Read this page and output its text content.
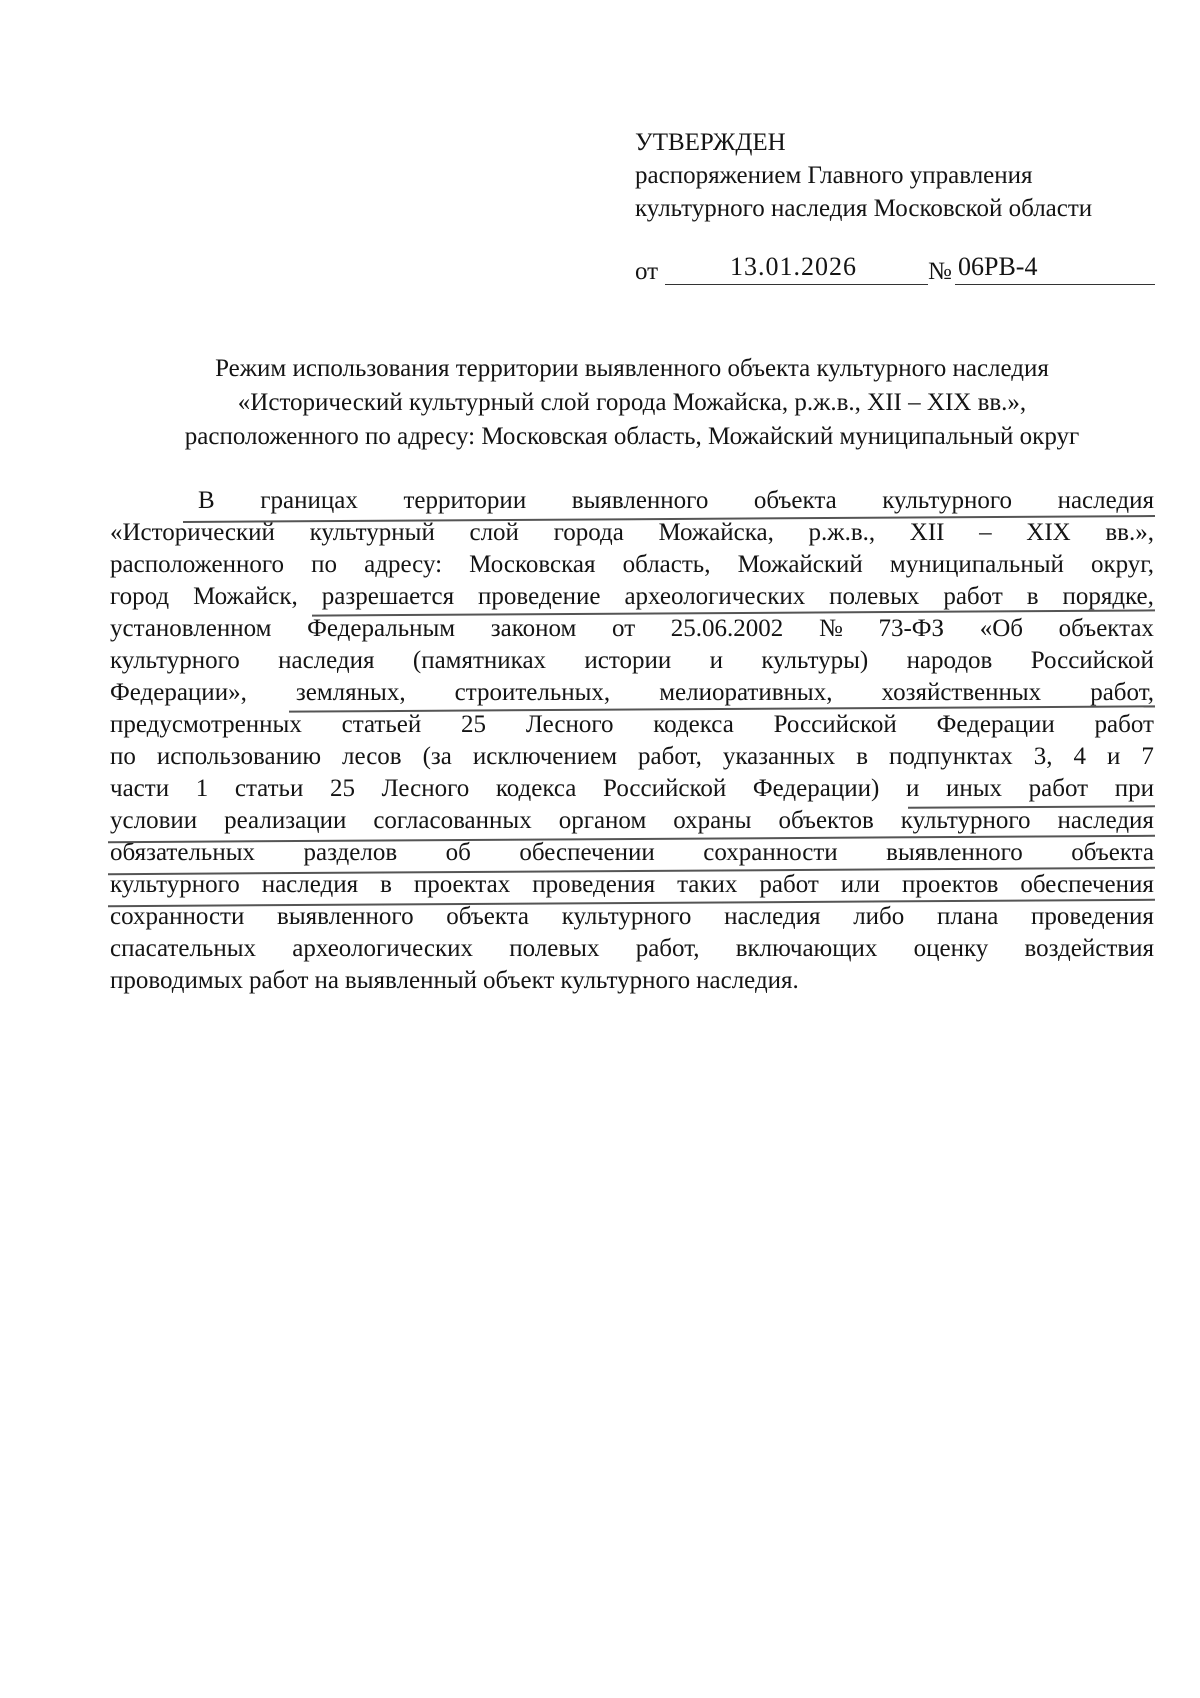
УТВЕРЖДЕН
распоряжением Главного управления
культурного наследия Московской области
от	13.01.2026	№ 06РВ-4
Режим использования территории выявленного объекта культурного наследия
«Исторический культурный слой города Можайска, р.ж.в., XII – XIX вв.»,
расположенного по адресу: Московская область, Можайский муниципальный округ
В границах территории выявленного объекта культурного наследия
«Исторический культурный слой города Можайска, р.ж.в., XII – XIX вв.»,
расположенного по адресу: Московская область, Можайский муниципальный округ,
город Можайск, разрешается проведение археологических полевых работ в порядке,
установленном Федеральным законом от 25.06.2002 № 73-ФЗ «Об объектах
культурного наследия (памятниках истории и культуры) народов Российской
Федерации», земляных, строительных, мелиоративных, хозяйственных работ,
предусмотренных статьей 25 Лесного кодекса Российской Федерации работ
по использованию лесов (за исключением работ, указанных в подпунктах 3, 4 и 7
части 1 статьи 25 Лесного кодекса Российской Федерации) и иных работ при
условии реализации согласованных органом охраны объектов культурного наследия
обязательных разделов об обеспечении сохранности выявленного объекта
культурного наследия в проектах проведения таких работ или проектов обеспечения
сохранности выявленного объекта культурного наследия либо плана проведения
спасательных археологических полевых работ, включающих оценку воздействия
проводимых работ на выявленный объект культурного наследия.
